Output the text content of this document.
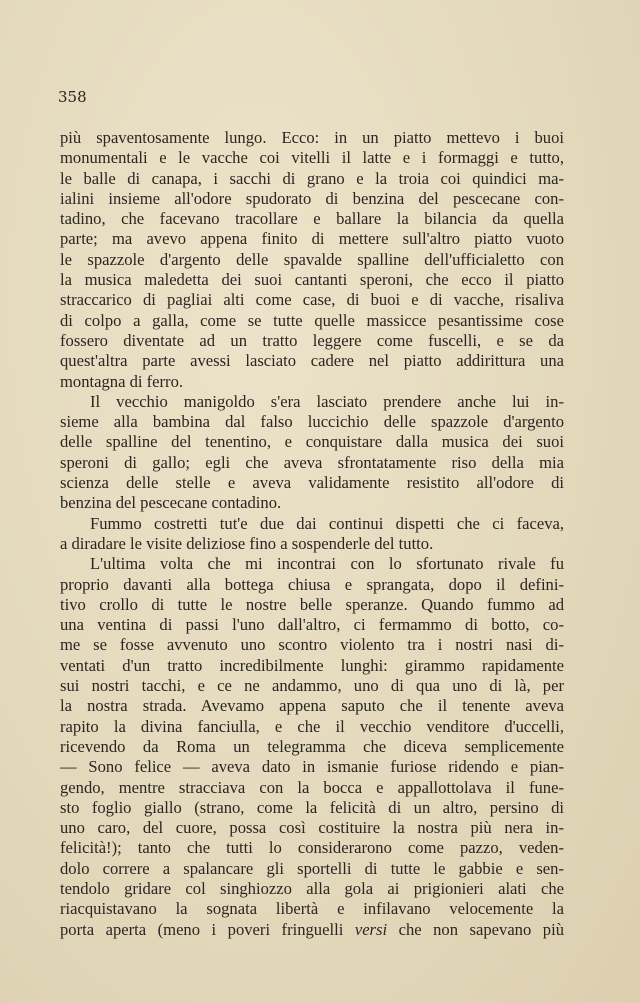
358

più spaventosamente lungo. Ecco: in un piatto mettevo i buoi

monumentali e le vacche coi vitelli il latte e i formaggi e tutto,

le balle di canapa, i sacchi di grano e la troia coi quindici ma-

ialini insieme all'odore spudorato di benzina del pescecane con-

tadino, che facevano tracollare e ballare la bilancia da quella

parte; ma avevo appena finito di mettere sull'altro piatto vuoto

le spazzole d'argento delle spavalde spalline dell'ufficialetto con

la musica maledetta dei suoi cantanti speroni, che ecco il piatto

straccarico di pagliai alti come case, di buoi e di vacche, risaliva

di colpo a galla, come se tutte quelle massicce pesantissime cose

fossero diventate ad un tratto leggere come fuscelli, e se da

quest'altra parte avessi lasciato cadere nel piatto addirittura una

montagna di ferro.

Il vecchio manigoldo s'era lasciato prendere anche lui in-

sieme alla bambina dal falso luccichio delle spazzole d'argento

delle spalline del tenentino, e conquistare dalla musica dei suoi

speroni di gallo; egli che aveva sfrontatamente riso della mia

scienza delle stelle e aveva validamente resistito all'odore di

benzina del pescecane contadino.

Fummo costretti tut'e due dai continui dispetti che ci faceva,

a diradare le visite deliziose fino a sospenderle del tutto.

L'ultima volta che mi incontrai con lo sfortunato rivale fu

proprio davanti alla bottega chiusa e sprangata, dopo il defini-

tivo crollo di tutte le nostre belle speranze. Quando fummo ad

una ventina di passi l'uno dall'altro, ci fermammo di botto, co-

me se fosse avvenuto uno scontro violento tra i nostri nasi di-

ventati d'un tratto incredibilmente lunghi: girammo rapidamente

sui nostri tacchi, e ce ne andammo, uno di qua uno di là, per

la nostra strada. Avevamo appena saputo che il tenente aveva

rapito la divina fanciulla, e che il vecchio venditore d'uccelli,

ricevendo da Roma un telegramma che diceva semplicemente

— Sono felice — aveva dato in ismanie furiose ridendo e pian-

gendo, mentre stracciava con la bocca e appallottolava il fune-

sto foglio giallo (strano, come la felicità di un altro, persino di

uno caro, del cuore, possa così costituire la nostra più nera in-

felicità!); tanto che tutti lo considerarono come pazzo, veden-

dolo correre a spalancare gli sportelli di tutte le gabbie e sen-

tendolo gridare col singhiozzo alla gola ai prigionieri alati che

riacquistavano la sognata libertà e infilavano velocemente la

porta aperta (meno i poveri fringuelli versi che non sapevano più
